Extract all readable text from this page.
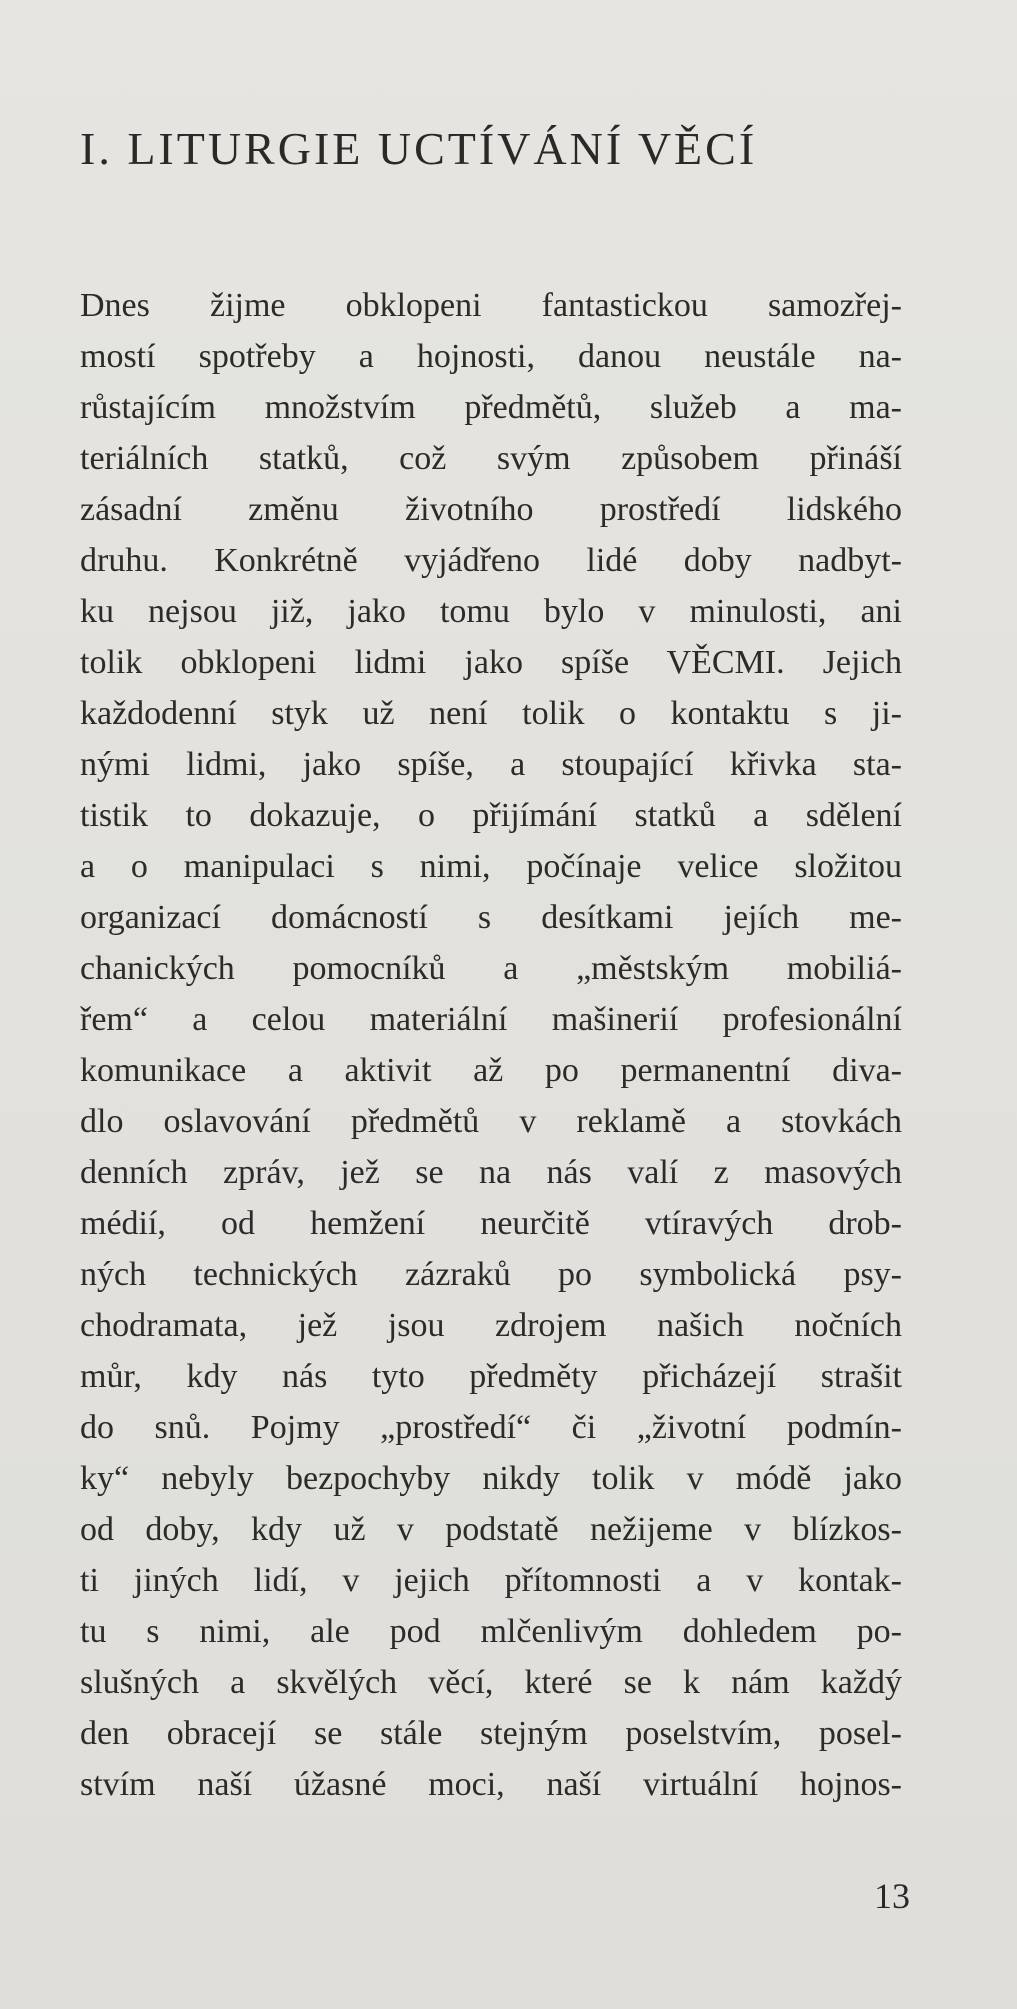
I. LITURGIE UCTÍVÁNÍ VĚCÍ
Dnes žijme obklopeni fantastickou samozřej-
mostí spotřeby a hojnosti, danou neustále na-
růstajícím množstvím předmětů, služeb a ma-
teriálních statků, což svým způsobem přináší
zásadní změnu životního prostředí lidského
druhu. Konkrétně vyjádřeno lidé doby nadbyt-
ku nejsou již, jako tomu bylo v minulosti, ani
tolik obklopeni lidmi jako spíše VĚCMI. Jejich
každodenní styk už není tolik o kontaktu s ji-
nými lidmi, jako spíše, a stoupající křivka sta-
tistik to dokazuje, o přijímání statků a sdělení
a o manipulaci s nimi, počínaje velice složitou
organizací domácností s desítkami jejích me-
chanických pomocníků a „městským mobiliá-
řem“ a celou materiální mašinerií profesionální
komunikace a aktivit až po permanentní diva-
dlo oslavování předmětů v reklamě a stovkách
denních zpráv, jež se na nás valí z masových
médií, od hemžení neurčitě vtíravých drob-
ných technických zázraků po symbolická psy-
chodramata, jež jsou zdrojem našich nočních
můr, kdy nás tyto předměty přicházejí strašit
do snů. Pojmy „prostředí“ či „životní podmín-
ky“ nebyly bezpochyby nikdy tolik v módě jako
od doby, kdy už v podstatě nežijeme v blízkos-
ti jiných lidí, v jejich přítomnosti a v kontak-
tu s nimi, ale pod mlčenlivým dohledem po-
slušných a skvělých věcí, které se k nám každý
den obracejí se stále stejným poselstvím, posel-
stvím naší úžasné moci, naší virtuální hojnos-
13
